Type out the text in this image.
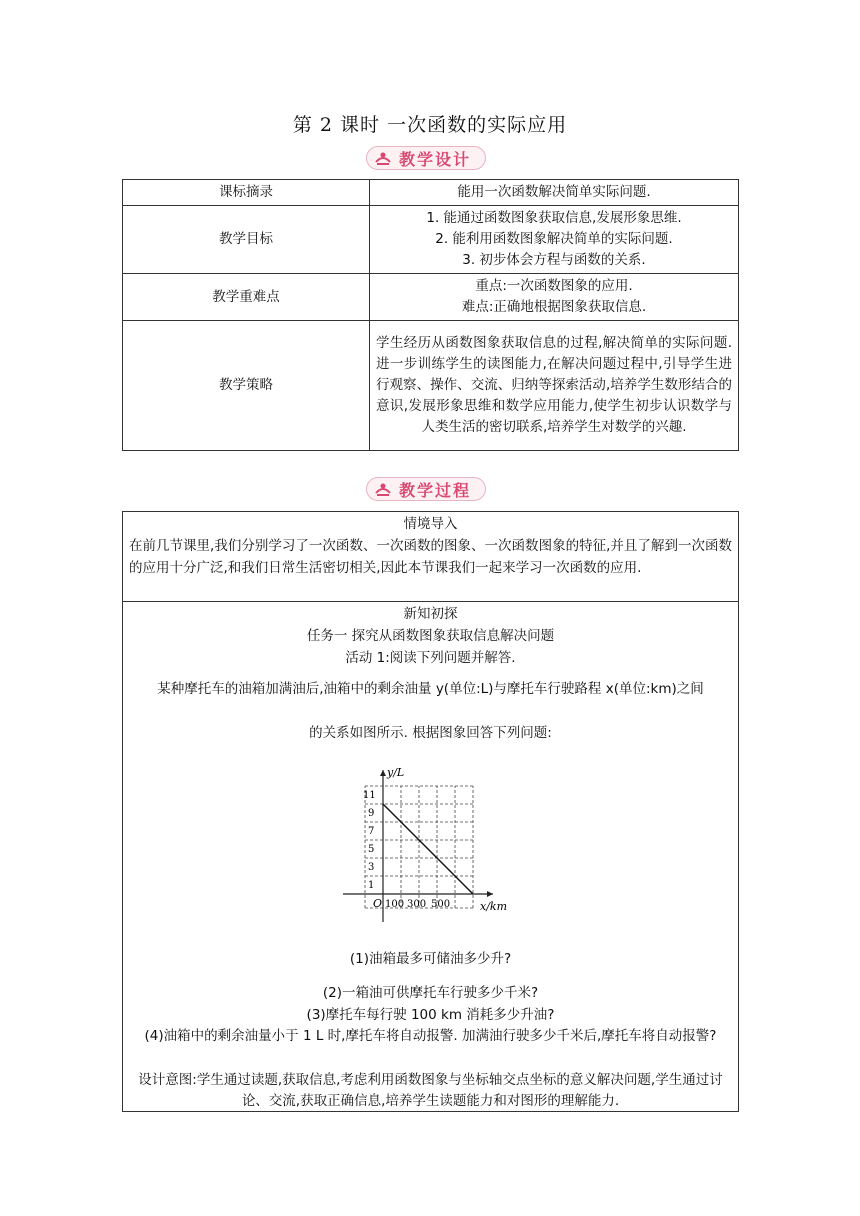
第 2 课时 一次函数的实际应用
教学设计
课标摘录	能用一次函数解决简单实际问题.
教学目标	1. 能通过函数图象获取信息,发展形象思维.
2. 能利用函数图象解决简单的实际问题.
3. 初步体会方程与函数的关系.

教学重难点	重点:一次函数图象的应用.
难点:正确地根据图象获取信息.

教学策略	学生经历从函数图象获取信息的过程,解决简单的实际问题. 进一步训练学生的读图能力,在解决问题过程中,引导学生进行观察、操作、交流、归纳等探索活动,培养学生数形结合的意识,发展形象思维和数学应用能力,使学生初步认识数学与人类生活的密切联系,培养学生对数学的兴趣.
教学过程
情境导入
在前几节课里,我们分别学习了一次函数、一次函数的图象、一次函数图象的特征,并且了解到一次函数的应用十分广泛,和我们日常生活密切相关,因此本节课我们一起来学习一次函数的应用.
新知初探
任务一 探究从函数图象获取信息解决问题
活动 1:阅读下列问题并解答.
某种摩托车的油箱加满油后,油箱中的剩余油量 y(单位:L)与摩托车行驶路程 x(单位:km)之间
的关系如图所示. 根据图象回答下列问题:
y/L
x/km
O
1
3
5
7
9
11
100 300 500
(1)油箱最多可储油多少升?
(2)一箱油可供摩托车行驶多少千米?
(3)摩托车每行驶 100 km 消耗多少升油?
(4)油箱中的剩余油量小于 1 L 时,摩托车将自动报警. 加满油行驶多少千米后,摩托车将自动报警?
设计意图:学生通过读题,获取信息,考虑利用函数图象与坐标轴交点坐标的意义解决问题,学生通过讨论、交流,获取正确信息,培养学生读题能力和对图形的理解能力.
